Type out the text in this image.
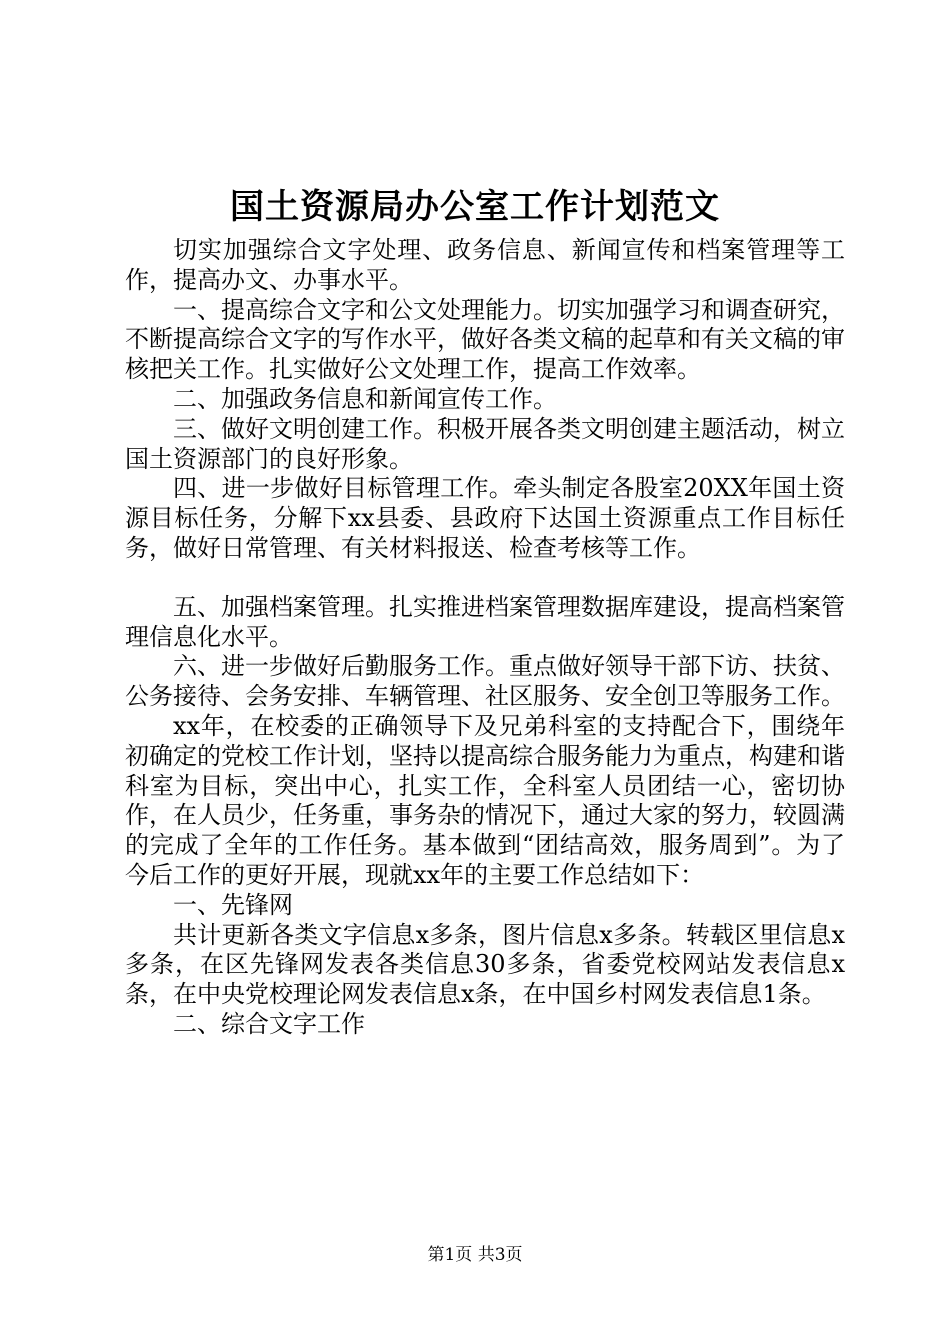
国土资源局办公室工作计划范文

切实加强综合文字处理、政务信息、新闻宣传和档案管理等工作，提高办文、办事水平。

一、提高综合文字和公文处理能力。切实加强学习和调查研究，不断提高综合文字的写作水平，做好各类文稿的起草和有关文稿的审核把关工作。扎实做好公文处理工作，提高工作效率。

二、加强政务信息和新闻宣传工作。

三、做好文明创建工作。积极开展各类文明创建主题活动，树立国土资源部门的良好形象。

四、进一步做好目标管理工作。牵头制定各股室20XX年国土资源目标任务，分解下xx县委、县政府下达国土资源重点工作目标任务，做好日常管理、有关材料报送、检查考核等工作。

五、加强档案管理。扎实推进档案管理数据库建设，提高档案管理信息化水平。

六、进一步做好后勤服务工作。重点做好领导干部下访、扶贫、公务接待、会务安排、车辆管理、社区服务、安全创卫等服务工作。

xx年，在校委的正确领导下及兄弟科室的支持配合下，围绕年初确定的党校工作计划，坚持以提高综合服务能力为重点，构建和谐科室为目标，突出中心，扎实工作，全科室人员团结一心，密切协作，在人员少，任务重，事务杂的情况下，通过大家的努力，较圆满的完成了全年的工作任务。基本做到“团结高效，服务周到”。为了今后工作的更好开展，现就xx年的主要工作总结如下：

一、先锋网

共计更新各类文字信息x多条，图片信息x多条。转载区里信息x多条，在区先锋网发表各类信息30多条，省委党校网站发表信息x条，在中央党校理论网发表信息x条，在中国乡村网发表信息1条。

二、综合文字工作

第1页 共3页
